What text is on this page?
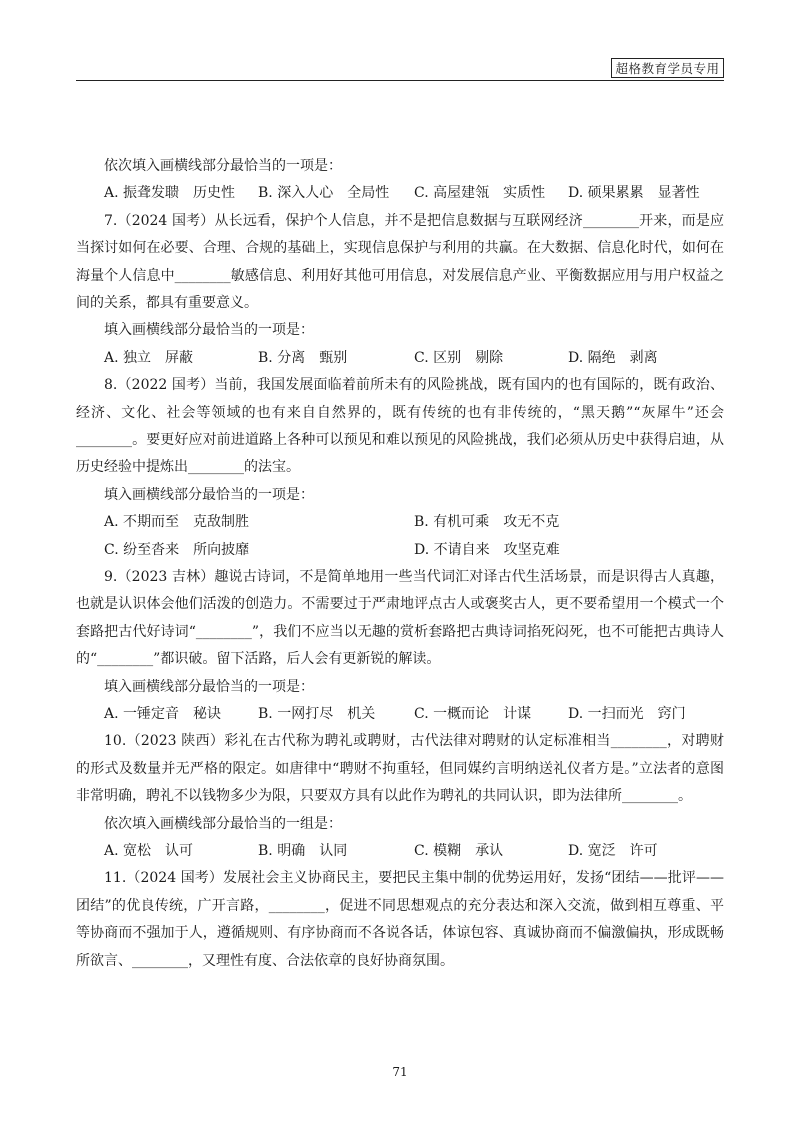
超格教育学员专用
依次填入画横线部分最恰当的一项是：
A. 振聋发聩　历史性 B. 深入人心　全局性 C. 高屋建瓴　实质性 D. 硕果累累　显著性

7.（2024 国考）从长远看，保护个人信息，并不是把信息数据与互联网经济________开来，而是应当探讨如何在必要、合理、合规的基础上，实现信息保护与利用的共赢。在大数据、信息化时代，如何在海量个人信息中________敏感信息、利用好其他可用信息，对发展信息产业、平衡数据应用与用户权益之间的关系，都具有重要意义。

填入画横线部分最恰当的一项是：
A. 独立　屏蔽	B. 分离　甄别	C. 区别　剔除	D. 隔绝　剥离

8.（2022 国考）当前，我国发展面临着前所未有的风险挑战，既有国内的也有国际的，既有政治、经济、文化、社会等领域的也有来自自然界的，既有传统的也有非传统的，“黑天鹅”“灰犀牛”还会________。要更好应对前进道路上各种可以预见和难以预见的风险挑战，我们必须从历史中获得启迪，从历史经验中提炼出________的法宝。

填入画横线部分最恰当的一项是：
A. 不期而至　克敌制胜	B. 有机可乘　攻无不克
C. 纷至沓来　所向披靡	D. 不请自来　攻坚克难

9.（2023 吉林）趣说古诗词，不是简单地用一些当代词汇对译古代生活场景，而是识得古人真趣，也就是认识体会他们活泼的创造力。不需要过于严肃地评点古人或褒奖古人，更不要希望用一个模式一个套路把古代好诗词“________”，我们不应当以无趣的赏析套路把古典诗词掐死闷死，也不可能把古典诗人的“________”都识破。留下活路，后人会有更新锐的解读。

填入画横线部分最恰当的一项是：
A. 一锤定音　秘诀	B. 一网打尽　机关	C. 一概而论　计谋	D. 一扫而光　窍门

10.（2023 陕西）彩礼在古代称为聘礼或聘财，古代法律对聘财的认定标准相当________，对聘财的形式及数量并无严格的限定。如唐律中“聘财不拘重轻，但同媒约言明纳送礼仪者方是。”立法者的意图非常明确，聘礼不以钱物多少为限，只要双方具有以此作为聘礼的共同认识，即为法律所________。

依次填入画横线部分最恰当的一组是：
A. 宽松　认可	B. 明确　认同	C. 模糊　承认	D. 宽泛　许可

11.（2024 国考）发展社会主义协商民主，要把民主集中制的优势运用好，发扬“团结——批评——团结”的优良传统，广开言路，________，促进不同思想观点的充分表达和深入交流，做到相互尊重、平等协商而不强加于人，遵循规则、有序协商而不各说各话，体谅包容、真诚协商而不偏激偏执，形成既畅所欲言、________，又理性有度、合法依章的良好协商氛围。

71
